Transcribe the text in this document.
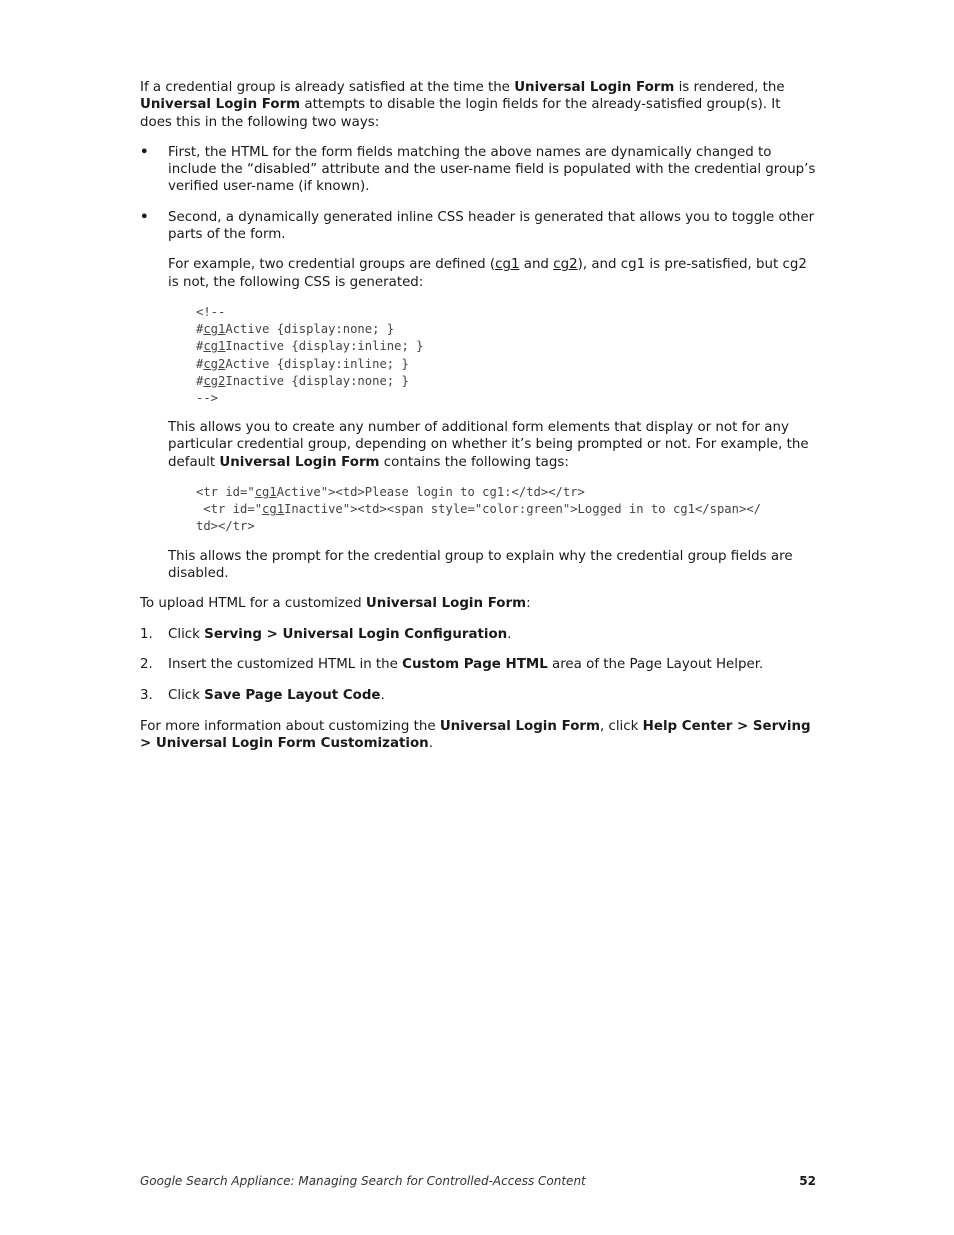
If a credential group is already satisfied at the time the Universal Login Form is rendered, the Universal Login Form attempts to disable the login fields for the already-satisfied group(s). It does this in the following two ways:

• First, the HTML for the form fields matching the above names are dynamically changed to include the “disabled” attribute and the user-name field is populated with the credential group’s verified user-name (if known).
• Second, a dynamically generated inline CSS header is generated that allows you to toggle other parts of the form.

For example, two credential groups are defined (cg1 and cg2), and cg1 is pre-satisfied, but cg2 is not, the following CSS is generated:

<!--
#cg1Active {display:none; }
#cg1Inactive {display:inline; }
#cg2Active {display:inline; }
#cg2Inactive {display:none; }
-->

This allows you to create any number of additional form elements that display or not for any particular credential group, depending on whether it’s being prompted or not. For example, the default Universal Login Form contains the following tags:

<tr id="cg1Active"><td>Please login to cg1:</td></tr>
<tr id="cg1Inactive"><td><span style="color:green">Logged in to cg1</span></
td></tr>

This allows the prompt for the credential group to explain why the credential group fields are disabled.

To upload HTML for a customized Universal Login Form:

1. Click Serving > Universal Login Configuration.
2. Insert the customized HTML in the Custom Page HTML area of the Page Layout Helper.
3. Click Save Page Layout Code.

For more information about customizing the Universal Login Form, click Help Center > Serving > Universal Login Form Customization.

Google Search Appliance: Managing Search for Controlled-Access Content	52
